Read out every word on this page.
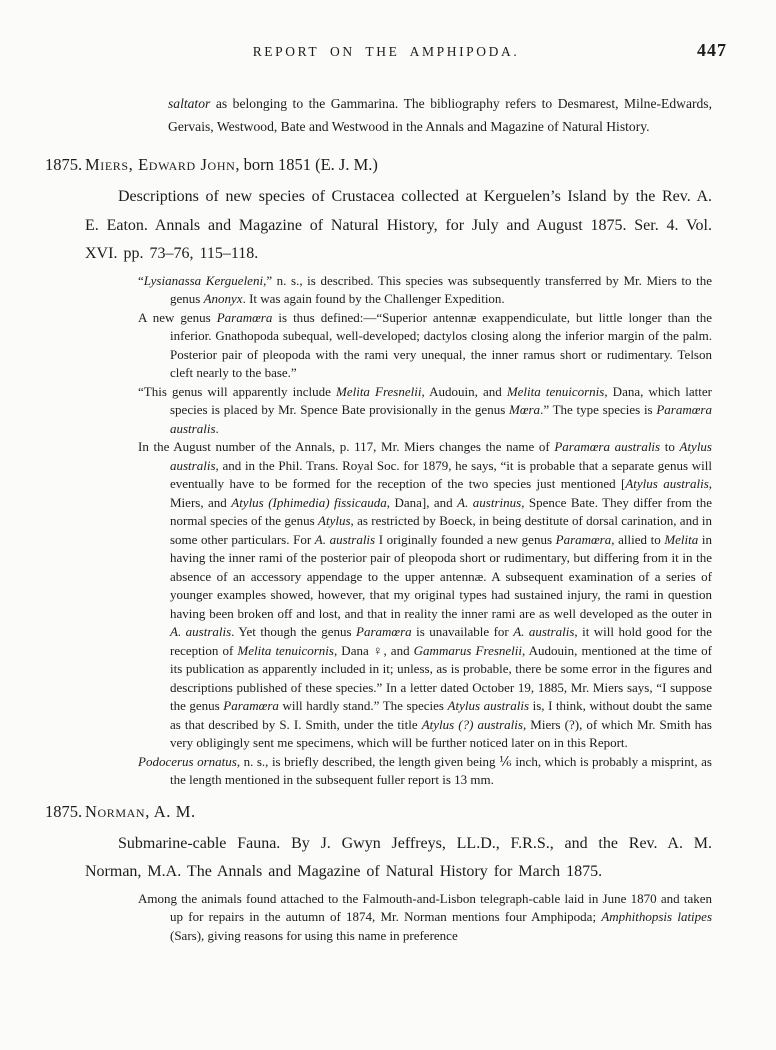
REPORT ON THE AMPHIPODA.	447

saltator as belonging to the Gammarina. The bibliography refers to Desmarest, Milne-Edwards, Gervais, Westwood, Bate and Westwood in the Annals and Magazine of Natural History.

1875. Miers, Edward John, born 1851 (E. J. M.)

Descriptions of new species of Crustacea collected at Kerguelen’s Island by the Rev. A. E. Eaton. Annals and Magazine of Natural History, for July and August 1875. Ser. 4. Vol. XVI. pp. 73–76, 115–118.

“Lysianassa Kergueleni,” n. s., is described. This species was subsequently transferred by Mr. Miers to the genus Anonyx. It was again found by the Challenger Expedition.

A new genus Paramœra is thus defined:—“Superior antennæ exappendiculate, but little longer than the inferior. Gnathopoda subequal, well-developed; dactylos closing along the inferior margin of the palm. Posterior pair of pleopoda with the rami very unequal, the inner ramus short or rudimentary. Telson cleft nearly to the base.”

“This genus will apparently include Melita Fresnelii, Audouin, and Melita tenuicornis, Dana, which latter species is placed by Mr. Spence Bate provisionally in the genus Mœra.” The type species is Paramœra australis.

In the August number of the Annals, p. 117, Mr. Miers changes the name of Paramœra australis to Atylus australis, and in the Phil. Trans. Royal Soc. for 1879, he says, “it is probable that a separate genus will eventually have to be formed for the reception of the two species just mentioned [Atylus australis, Miers, and Atylus (Iphimedia) fissicauda, Dana], and A. austrinus, Spence Bate. They differ from the normal species of the genus Atylus, as restricted by Boeck, in being destitute of dorsal carination, and in some other particulars. For A. australis I originally founded a new genus Paramœra, allied to Melita in having the inner rami of the posterior pair of pleopoda short or rudimentary, but differing from it in the absence of an accessory appendage to the upper antennæ. A subsequent examination of a series of younger examples showed, however, that my original types had sustained injury, the rami in question having been broken off and lost, and that in reality the inner rami are as well developed as the outer in A. australis. Yet though the genus Paramœra is unavailable for A. australis, it will hold good for the reception of Melita tenuicornis, Dana ♀, and Gammarus Fresnelii, Audouin, mentioned at the time of its publication as apparently included in it; unless, as is probable, there be some error in the figures and descriptions published of these species.” In a letter dated October 19, 1885, Mr. Miers says, “I suppose the genus Paramœra will hardly stand.” The species Atylus australis is, I think, without doubt the same as that described by S. I. Smith, under the title Atylus (?) australis, Miers (?), of which Mr. Smith has very obligingly sent me specimens, which will be further noticed later on in this Report.

Podocerus ornatus, n. s., is briefly described, the length given being ⅙ inch, which is probably a misprint, as the length mentioned in the subsequent fuller report is 13 mm.

1875. Norman, A. M.

Submarine-cable Fauna. By J. Gwyn Jeffreys, LL.D., F.R.S., and the Rev. A. M. Norman, M.A. The Annals and Magazine of Natural History for March 1875.

Among the animals found attached to the Falmouth-and-Lisbon telegraph-cable laid in June 1870 and taken up for repairs in the autumn of 1874, Mr. Norman mentions four Amphipoda; Amphithopsis latipes (Sars), giving reasons for using this name in preference
